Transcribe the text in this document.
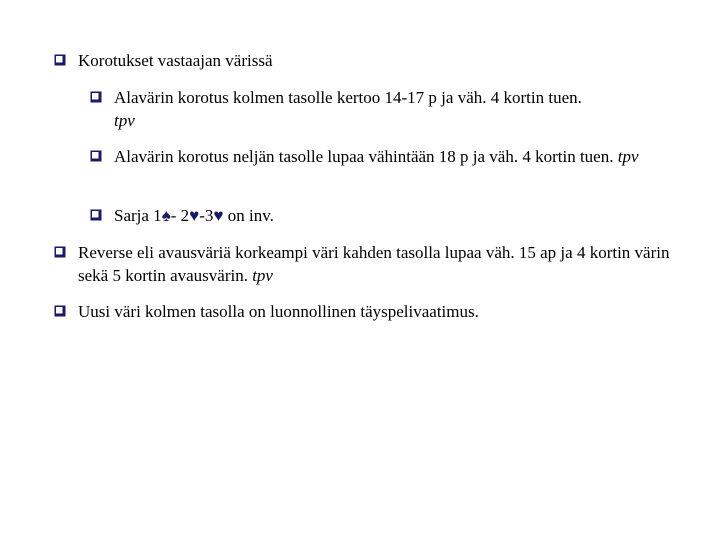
Korotukset vastaajan värissä
Alavärin korotus kolmen tasolle kertoo 14-17 p ja väh. 4 kortin tuen.
tpv
Alavärin korotus neljän tasolle lupaa vähintään 18 p ja väh. 4 kortin tuen. tpv
Sarja 1♠- 2♥-3♥ on inv.
Reverse eli avausväriä korkeampi väri kahden tasolla lupaa väh. 15 ap ja 4 kortin värin sekä 5 kortin avausvärin. tpv
Uusi väri kolmen tasolla on luonnollinen täyspelivaatimus.
